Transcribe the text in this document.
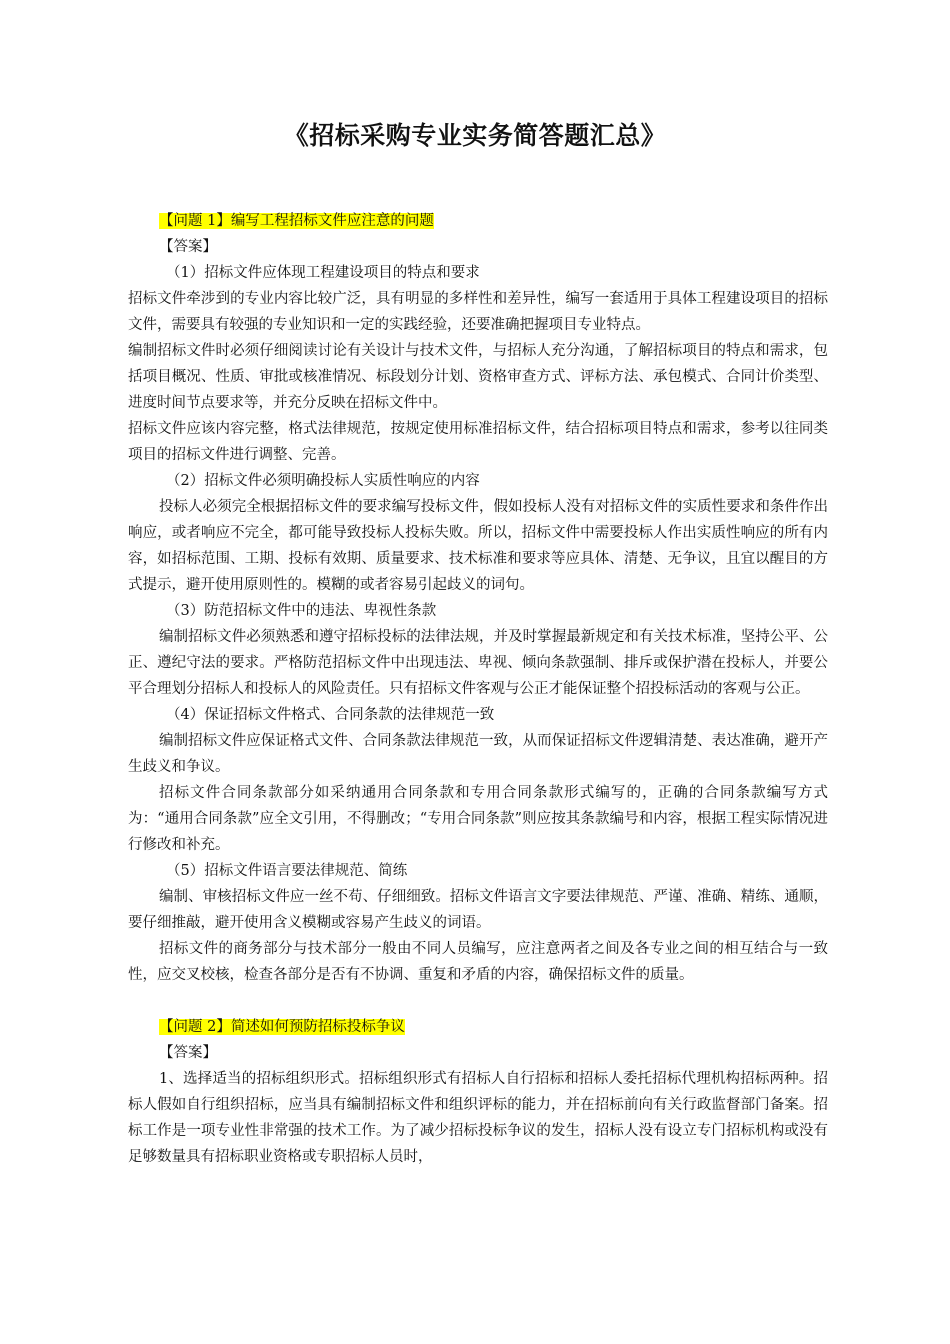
《招标采购专业实务简答题汇总》

【问题 1】编写工程招标文件应注意的问题

【答案】

（1）招标文件应体现工程建设项目的特点和要求

招标文件牵涉到的专业内容比较广泛，具有明显的多样性和差异性，编写一套适用于具体工程建设项目的招标文件，需要具有较强的专业知识和一定的实践经验，还要准确把握项目专业特点。

编制招标文件时必须仔细阅读讨论有关设计与技术文件，与招标人充分沟通，了解招标项目的特点和需求，包括项目概况、性质、审批或核准情况、标段划分计划、资格审查方式、评标方法、承包模式、合同计价类型、进度时间节点要求等，并充分反映在招标文件中。

招标文件应该内容完整，格式法律规范，按规定使用标准招标文件，结合招标项目特点和需求，参考以往同类项目的招标文件进行调整、完善。

（2）招标文件必须明确投标人实质性响应的内容

投标人必须完全根据招标文件的要求编写投标文件，假如投标人没有对招标文件的实质性要求和条件作出响应，或者响应不完全，都可能导致投标人投标失败。所以，招标文件中需要投标人作出实质性响应的所有内容，如招标范围、工期、投标有效期、质量要求、技术标准和要求等应具体、清楚、无争议，且宜以醒目的方式提示，避开使用原则性的。模糊的或者容易引起歧义的词句。

（3）防范招标文件中的违法、卑视性条款

编制招标文件必须熟悉和遵守招标投标的法律法规，并及时掌握最新规定和有关技术标准，坚持公平、公正、遵纪守法的要求。严格防范招标文件中出现违法、卑视、倾向条款强制、排斥或保护潜在投标人，并要公平合理划分招标人和投标人的风险责任。只有招标文件客观与公正才能保证整个招投标活动的客观与公正。

（4）保证招标文件格式、合同条款的法律规范一致

编制招标文件应保证格式文件、合同条款法律规范一致，从而保证招标文件逻辑清楚、表达准确，避开产生歧义和争议。

招标文件合同条款部分如采纳通用合同条款和专用合同条款形式编写的，正确的合同条款编写方式为：“通用合同条款”应全文引用，不得删改；“专用合同条款”则应按其条款编号和内容，根据工程实际情况进行修改和补充。

（5）招标文件语言要法律规范、简练

编制、审核招标文件应一丝不苟、仔细细致。招标文件语言文字要法律规范、严谨、准确、精练、通顺，要仔细推敲，避开使用含义模糊或容易产生歧义的词语。

招标文件的商务部分与技术部分一般由不同人员编写，应注意两者之间及各专业之间的相互结合与一致性，应交叉校核，检查各部分是否有不协调、重复和矛盾的内容，确保招标文件的质量。

【问题 2】简述如何预防招标投标争议

【答案】

1、选择适当的招标组织形式。招标组织形式有招标人自行招标和招标人委托招标代理机构招标两种。招标人假如自行组织招标，应当具有编制招标文件和组织评标的能力，并在招标前向有关行政监督部门备案。招标工作是一项专业性非常强的技术工作。为了减少招标投标争议的发生，招标人没有设立专门招标机构或没有足够数量具有招标职业资格或专职招标人员时，
